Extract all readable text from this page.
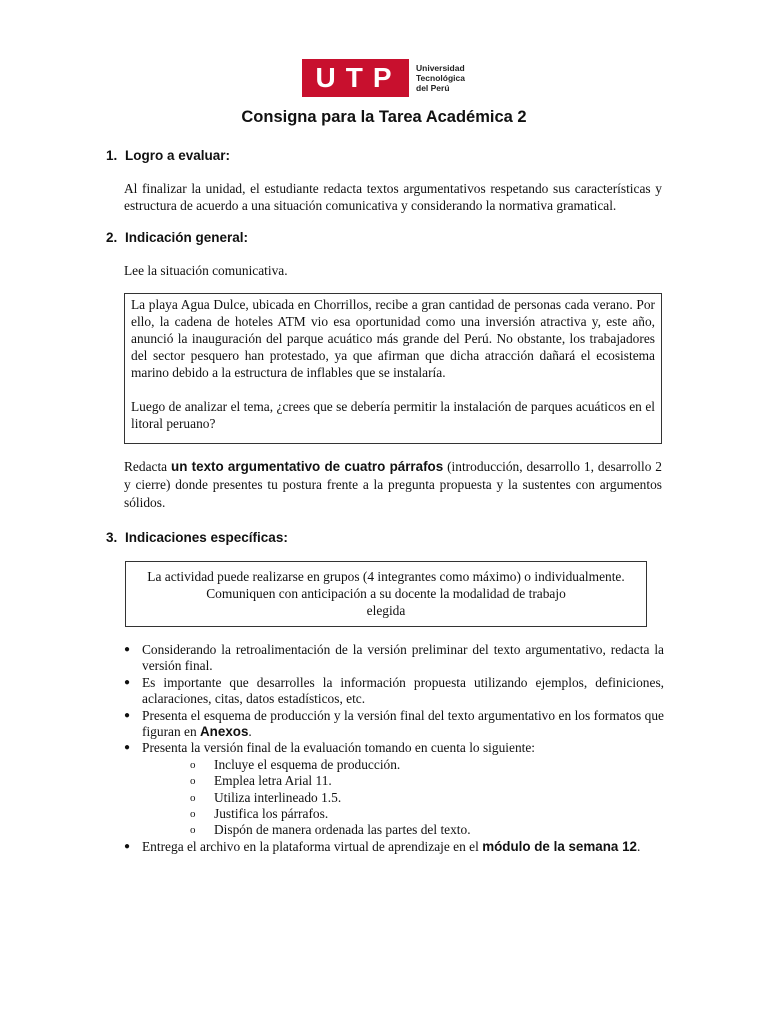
UTP Universidad
Tecnológica
del Perú
Consigna para la Tarea Académica 2
1. Logro a evaluar:
Al finalizar la unidad, el estudiante redacta textos argumentativos respetando sus características y estructura de acuerdo a una situación comunicativa y considerando la normativa gramatical.
2. Indicación general:
Lee la situación comunicativa.

La playa Agua Dulce, ubicada en Chorrillos, recibe a gran cantidad de personas cada verano. Por ello, la cadena de hoteles ATM vio esa oportunidad como una inversión atractiva y, este año, anunció la inauguración del parque acuático más grande del Perú. No obstante, los trabajadores del sector pesquero han protestado, ya que afirman que dicha atracción dañará el ecosistema marino debido a la estructura de inflables que se instalaría.

Luego de analizar el tema, ¿crees que se debería permitir la instalación de parques acuáticos en el litoral peruano?

Redacta un texto argumentativo de cuatro párrafos (introducción, desarrollo 1, desarrollo 2 y cierre) donde presentes tu postura frente a la pregunta propuesta y la sustentes con argumentos sólidos.
3. Indicaciones específicas:

La actividad puede realizarse en grupos (4 integrantes como máximo) o individualmente. Comuniquen con anticipación a su docente la modalidad de trabajo

elegida

● Considerando la retroalimentación de la versión preliminar del texto argumentativo, redacta la versión final.
● Es importante que desarrolles la información propuesta utilizando ejemplos, definiciones, aclaraciones, citas, datos estadísticos, etc.
● Presenta el esquema de producción y la versión final del texto argumentativo en los formatos que figuran en Anexos.
● Presenta la versión final de la evaluación tomando en cuenta lo siguiente:
o Incluye el esquema de producción.
o Emplea letra Arial 11.
o Utiliza interlineado 1.5.
o Justifica los párrafos.
o Dispón de manera ordenada las partes del texto.
● Entrega el archivo en la plataforma virtual de aprendizaje en el módulo de la semana 12.
